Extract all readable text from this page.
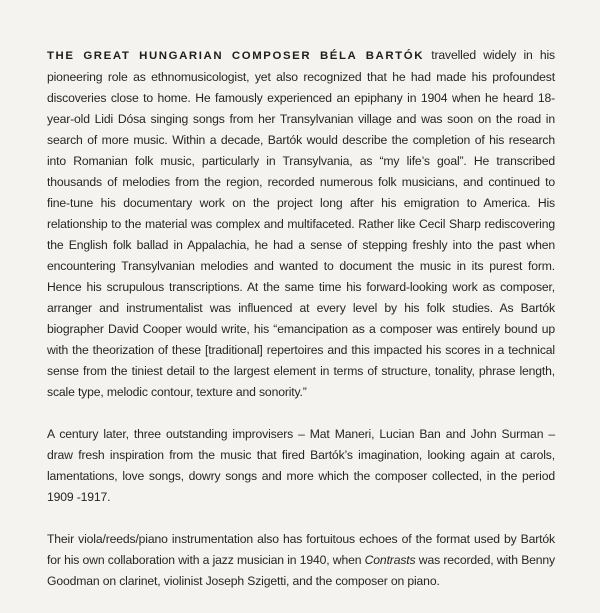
THE GREAT HUNGARIAN COMPOSER BÉLA BARTÓK travelled widely in his pioneering role as ethnomusicologist, yet also recognized that he had made his profoundest discoveries close to home. He famously experienced an epiphany in 1904 when he heard 18-year-old Lidi Dósa singing songs from her Transylvanian village and was soon on the road in search of more music. Within a decade, Bartók would describe the completion of his research into Romanian folk music, particularly in Transylvania, as “my life’s goal”. He transcribed thousands of melodies from the region, recorded numerous folk musicians, and continued to fine-tune his documentary work on the project long after his emigration to America. His relationship to the material was complex and multifaceted. Rather like Cecil Sharp rediscovering the English folk ballad in Appalachia, he had a sense of stepping freshly into the past when encountering Transylvanian melodies and wanted to document the music in its purest form. Hence his scrupulous transcriptions. At the same time his forward-looking work as composer, arranger and instrumentalist was influenced at every level by his folk studies. As Bartók biographer David Cooper would write, his “emancipation as a composer was entirely bound up with the theorization of these [traditional] repertoires and this impacted his scores in a technical sense from the tiniest detail to the largest element in terms of structure, tonality, phrase length, scale type, melodic contour, texture and sonority.”

A century later, three outstanding improvisers – Mat Maneri, Lucian Ban and John Surman – draw fresh inspiration from the music that fired Bartók’s imagination, looking again at carols, lamentations, love songs, dowry songs and more which the composer collected, in the period 1909 -1917.

Their viola/reeds/piano instrumentation also has fortuitous echoes of the format used by Bartók for his own collaboration with a jazz musician in 1940, when Contrasts was recorded, with Benny Goodman on clarinet, violinist Joseph Szigetti, and the composer on piano.
